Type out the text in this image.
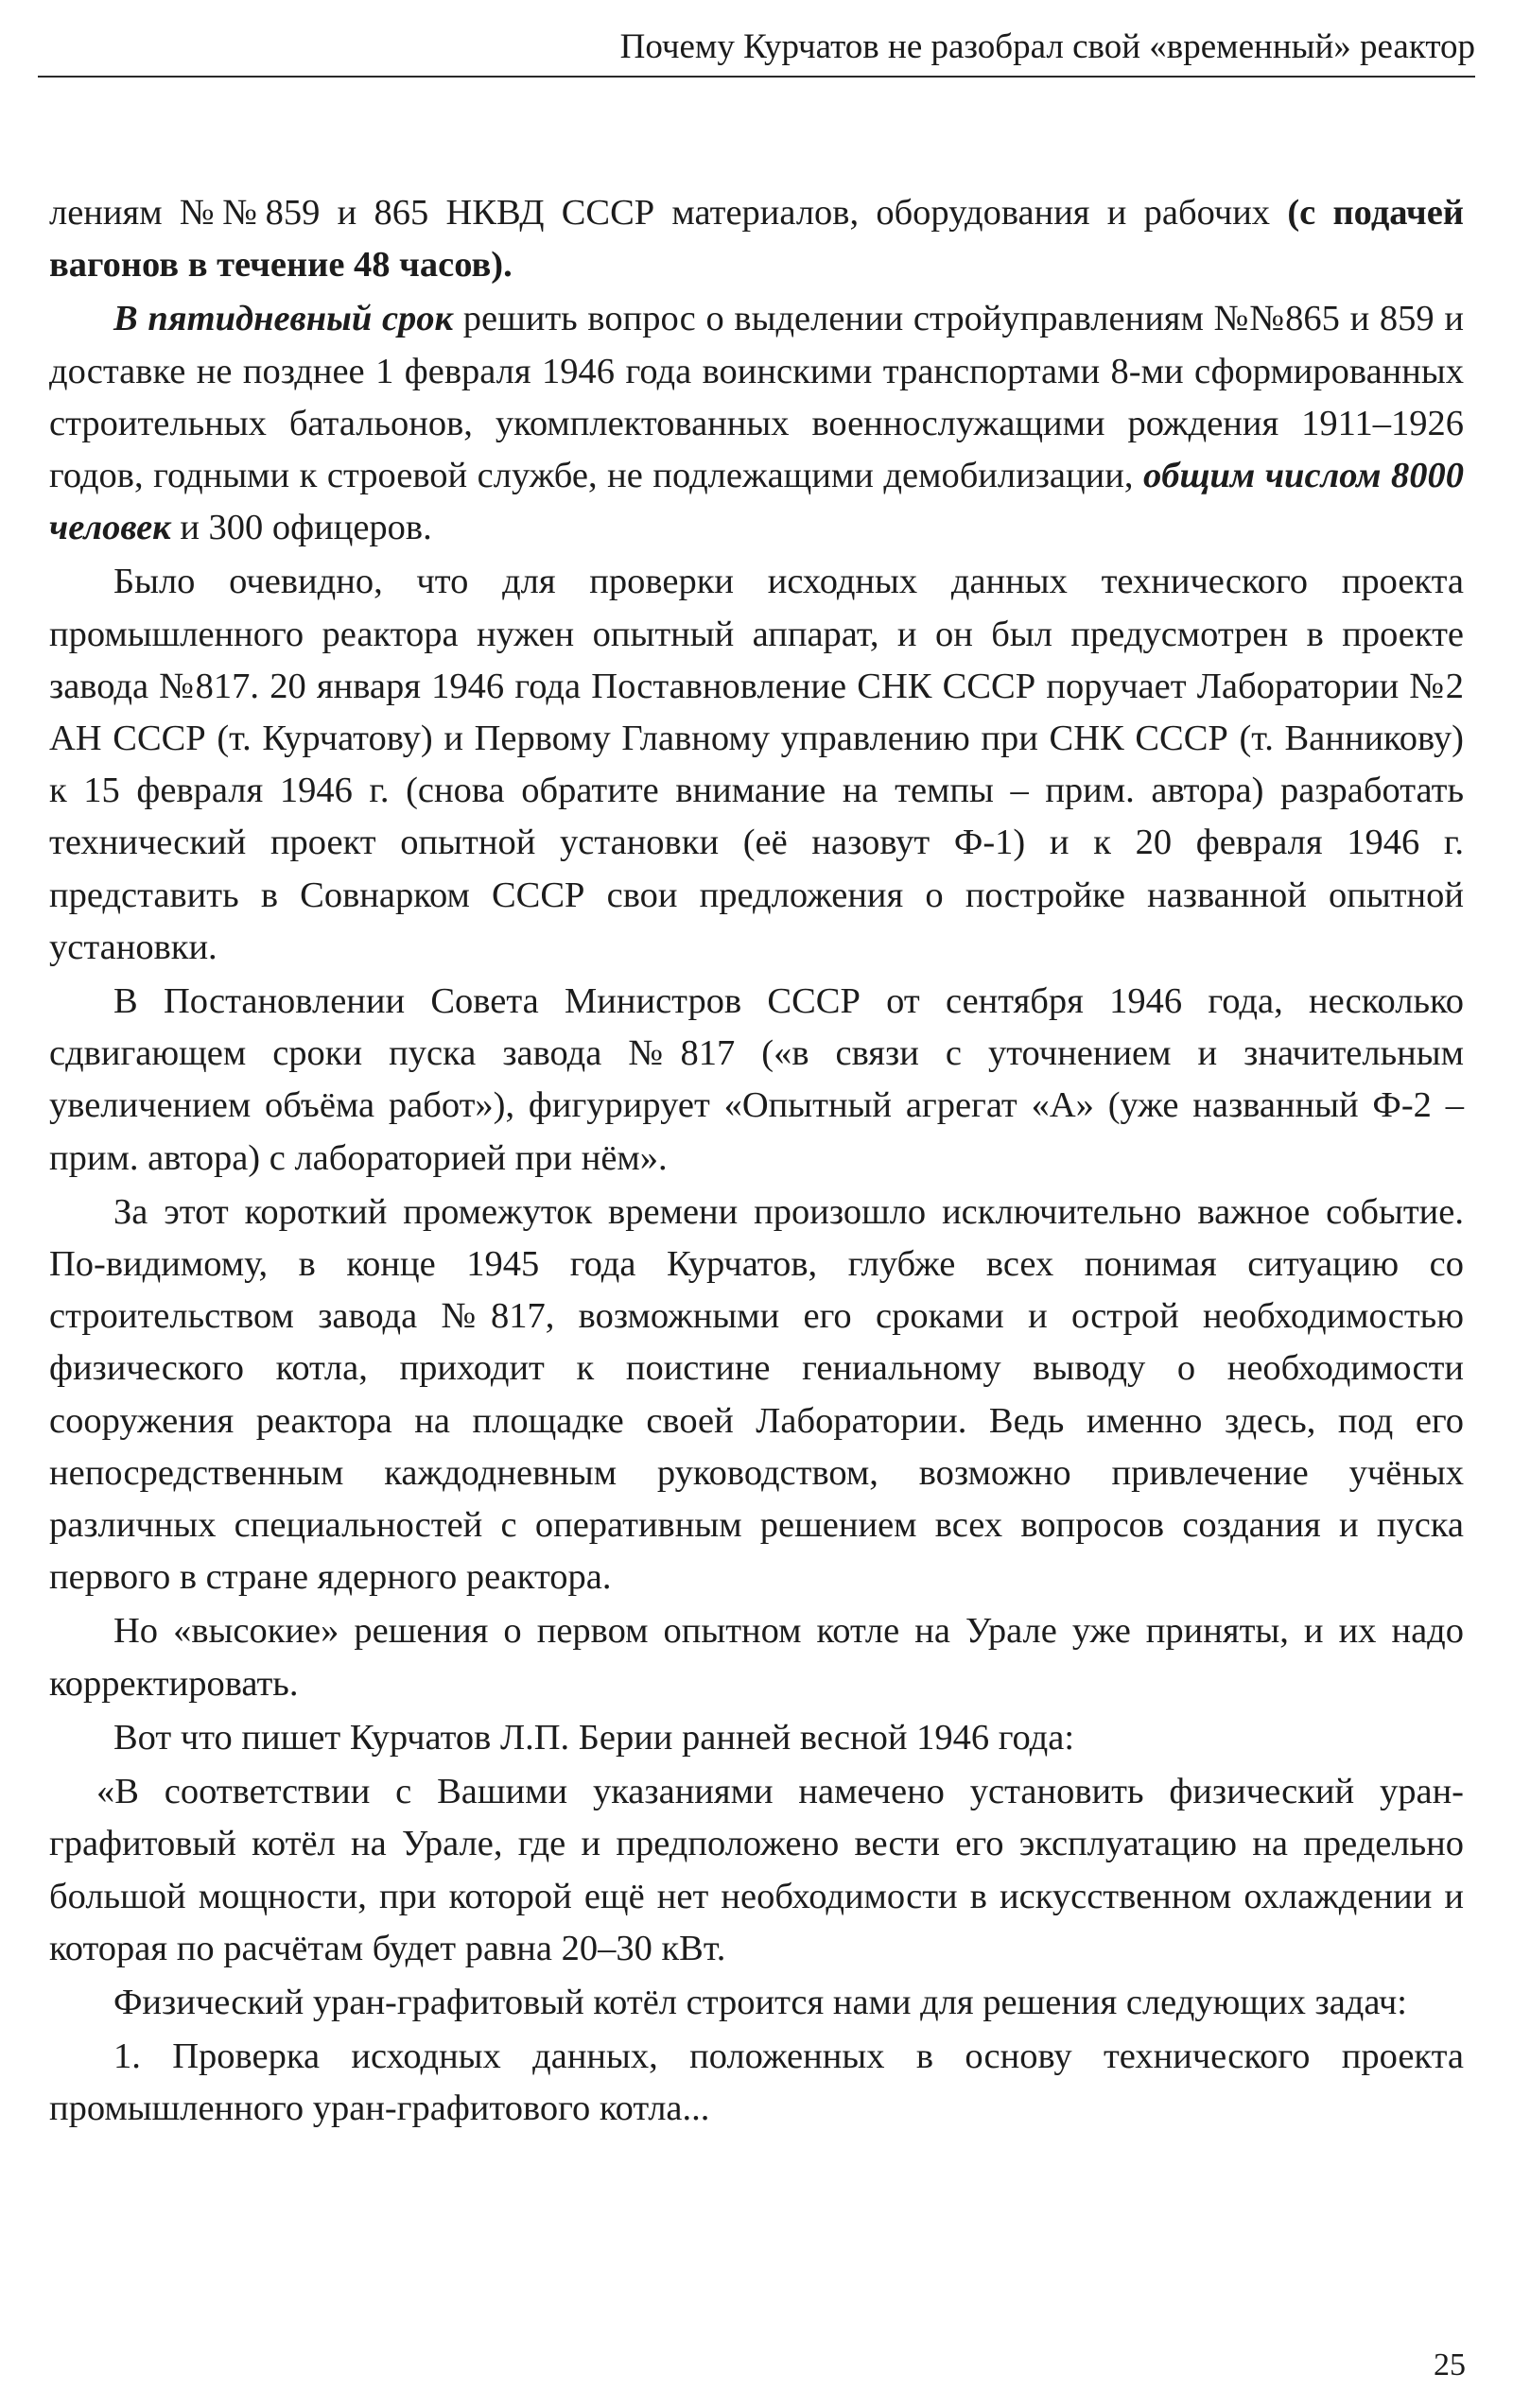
Почему Курчатов не разобрал свой «временный» реактор

лениям №№859 и 865 НКВД СССР материалов, оборудования и рабочих (с подачей вагонов в течение 48 часов).

В пятидневный срок решить вопрос о выделении стройуправлениям №№865 и 859 и доставке не позднее 1 февраля 1946 года воинскими транспортами 8-ми сформированных строительных батальонов, укомплектованных военнослужащими рождения 1911–1926 годов, годными к строевой службе, не подлежащими демобилизации, общим числом 8000 человек и 300 офицеров.

Было очевидно, что для проверки исходных данных технического проекта промышленного реактора нужен опытный аппарат, и он был предусмотрен в проекте завода №817. 20 января 1946 года Поставновление СНК СССР поручает Лаборатории №2 АН СССР (т. Курчатову) и Первому Главному управлению при СНК СССР (т. Ванникову) к 15 февраля 1946 г. (снова обратите внимание на темпы – прим. автора) разработать технический проект опытной установки (её назовут Ф-1) и к 20 февраля 1946 г. представить в Совнарком СССР свои предложения о постройке названной опытной установки.

В Постановлении Совета Министров СССР от сентября 1946 года, несколько сдвигающем сроки пуска завода №817 («в связи с уточнением и значительным увеличением объёма работ»), фигурирует «Опытный агрегат «А» (уже названный Ф-2 – прим. автора) с лабораторией при нём».

За этот короткий промежуток времени произошло исключительно важное событие. По-видимому, в конце 1945 года Курчатов, глубже всех понимая ситуацию со строительством завода №817, возможными его сроками и острой необходимостью физического котла, приходит к поистине гениальному выводу о необходимости сооружения реактора на площадке своей Лаборатории. Ведь именно здесь, под его непосредственным каждодневным руководством, возможно привлечение учёных различных специальностей с оперативным решением всех вопросов создания и пуска первого в стране ядерного реактора.

Но «высокие» решения о первом опытном котле на Урале уже приняты, и их надо корректировать.

Вот что пишет Курчатов Л.П. Берии ранней весной 1946 года:

«В соответствии с Вашими указаниями намечено установить физический уран-графитовый котёл на Урале, где и предположено вести его эксплуатацию на предельно большой мощности, при которой ещё нет необходимости в искусственном охлаждении и которая по расчётам будет равна 20–30 кВт.

Физический уран-графитовый котёл строится нами для решения следующих задач:

1. Проверка исходных данных, положенных в основу технического проекта промышленного уран-графитового котла...

25
